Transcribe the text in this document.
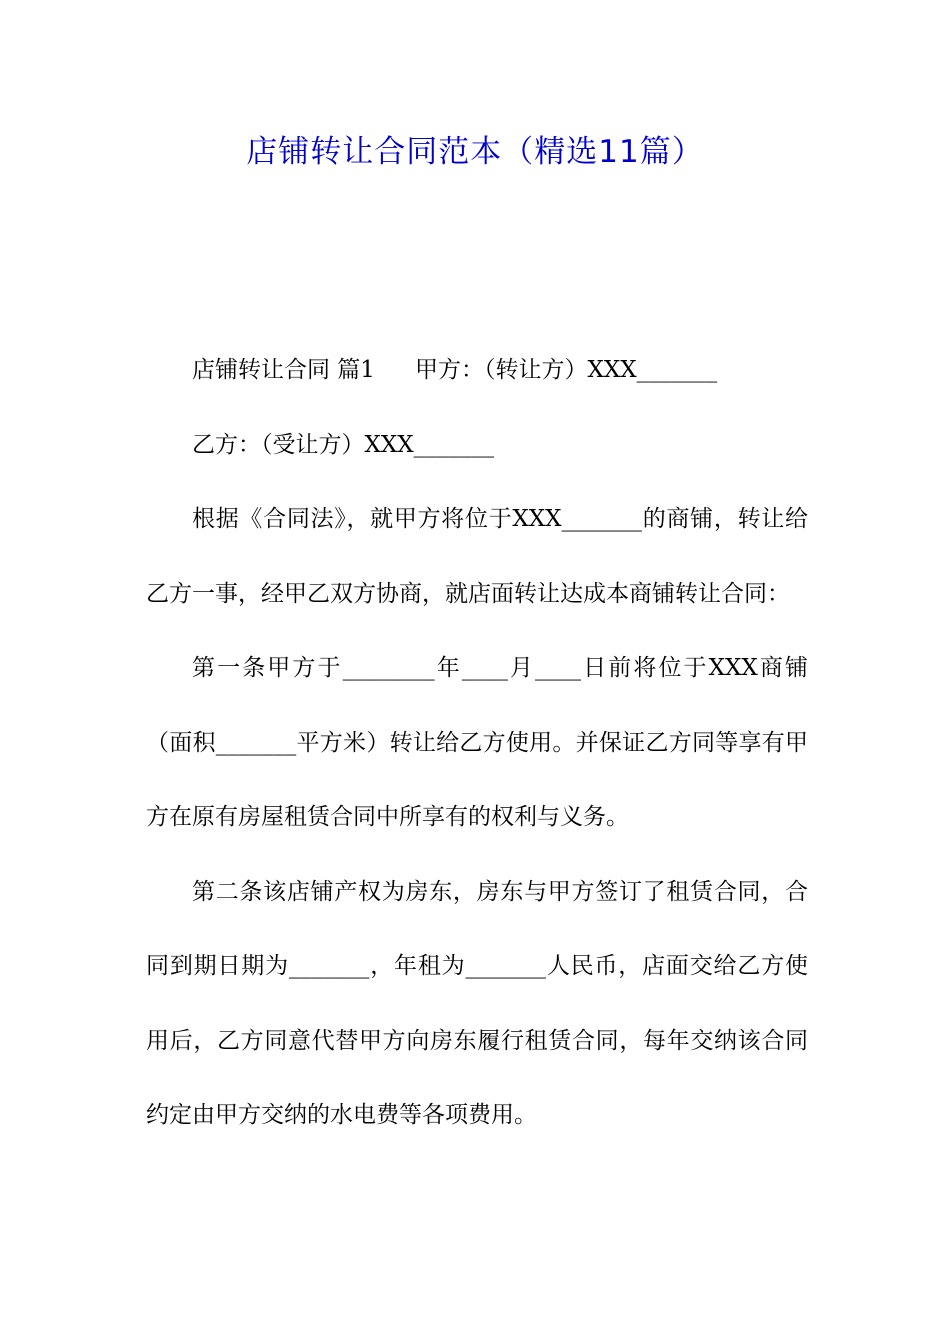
店铺转让合同范本（精选11篇）

店铺转让合同 篇1 甲方：（转让方）XXX_______

乙方：（受让方）XXX_______

根据《合同法》，就甲方将位于XXX_______的商铺，转让给乙方一事，经甲乙双方协商，就店面转让达成本商铺转让合同：

第一条甲方于________年____月____日前将位于XXX商铺（面积_______平方米）转让给乙方使用。并保证乙方同等享有甲方在原有房屋租赁合同中所享有的权利与义务。

第二条该店铺产权为房东，房东与甲方签订了租赁合同，合同到期日期为_______，年租为_______人民币，店面交给乙方使用后，乙方同意代替甲方向房东履行租赁合同，每年交纳该合同约定由甲方交纳的水电费等各项费用。
